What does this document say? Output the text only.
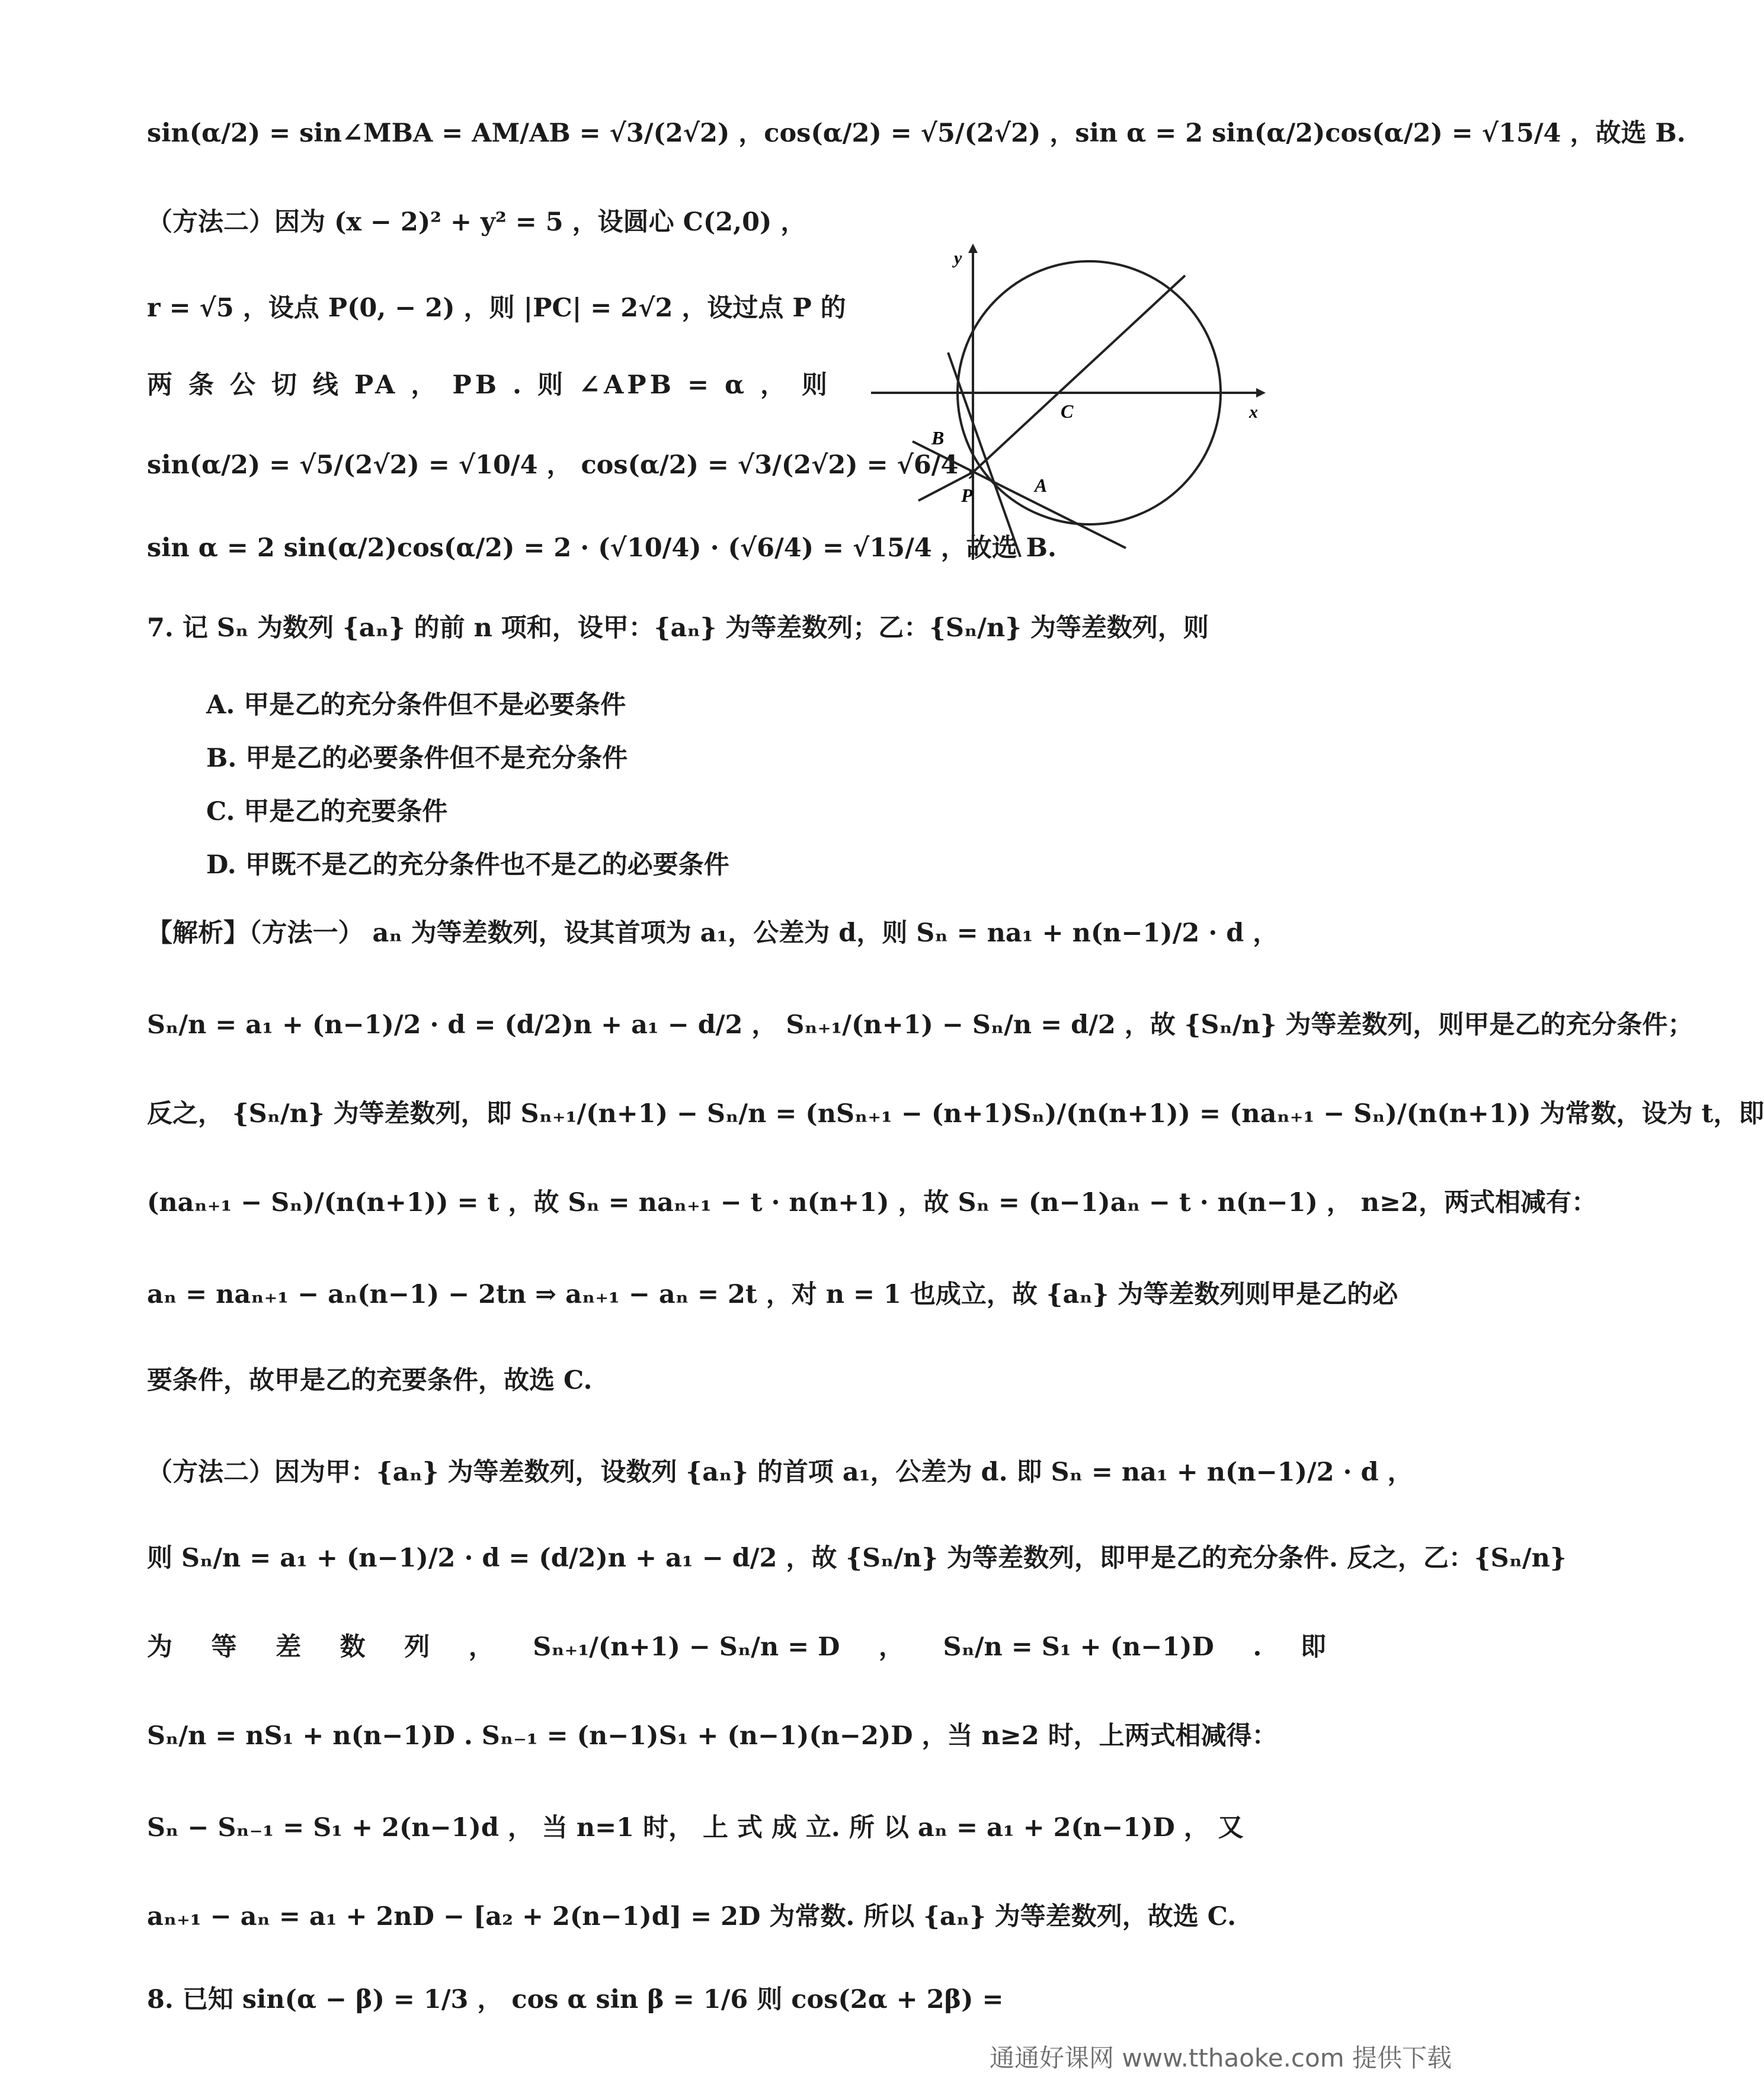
sin(α/2) = sin∠MBA = AM/AB = √3/(2√2) ，cos(α/2) = √5/(2√2) ，sin α = 2 sin(α/2)cos(α/2) = √15/4 ，故选 B.
（方法二）因为 (x − 2)² + y² = 5 ，设圆心 C(2,0) ，
r = √5 ，设点 P(0, − 2) ，则 |PC| = 2√2 ，设过点 P 的
两 条 公 切 线 PA ， PB . 则 ∠APB = α ， 则
sin(α/2) = √5/(2√2) = √10/4 ， cos(α/2) = √3/(2√2) = √6/4 ，
sin α = 2 sin(α/2)cos(α/2) = 2 · (√10/4) · (√6/4) = √15/4 ，故选 B.
y
x
C
B
A
P
7. 记 Sₙ 为数列 {aₙ} 的前 n 项和，设甲：{aₙ} 为等差数列；乙：{Sₙ/n} 为等差数列，则
A. 甲是乙的充分条件但不是必要条件
B. 甲是乙的必要条件但不是充分条件
C. 甲是乙的充要条件
D. 甲既不是乙的充分条件也不是乙的必要条件
【解析】（方法一） aₙ 为等差数列，设其首项为 a₁，公差为 d，则 Sₙ = na₁ + n(n−1)/2 · d ，
Sₙ/n = a₁ + (n−1)/2 · d = (d/2)n + a₁ − d/2 ， Sₙ₊₁/(n+1) − Sₙ/n = d/2 ，故 {Sₙ/n} 为等差数列，则甲是乙的充分条件；
反之， {Sₙ/n} 为等差数列，即 Sₙ₊₁/(n+1) − Sₙ/n = (nSₙ₊₁ − (n+1)Sₙ)/(n(n+1)) = (naₙ₊₁ − Sₙ)/(n(n+1)) 为常数，设为 t，即
(naₙ₊₁ − Sₙ)/(n(n+1)) = t ，故 Sₙ = naₙ₊₁ − t · n(n+1) ，故 Sₙ = (n−1)aₙ − t · n(n−1) ， n≥2，两式相减有：
aₙ = naₙ₊₁ − aₙ(n−1) − 2tn ⇒ aₙ₊₁ − aₙ = 2t ，对 n = 1 也成立，故 {aₙ} 为等差数列则甲是乙的必
要条件，故甲是乙的充要条件，故选 C.
（方法二）因为甲：{aₙ} 为等差数列，设数列 {aₙ} 的首项 a₁，公差为 d. 即 Sₙ = na₁ + n(n−1)/2 · d ，
则 Sₙ/n = a₁ + (n−1)/2 · d = (d/2)n + a₁ − d/2 ，故 {Sₙ/n} 为等差数列，即甲是乙的充分条件. 反之，乙：{Sₙ/n}
为 等 差 数 列 ， Sₙ₊₁/(n+1) − Sₙ/n = D ， Sₙ/n = S₁ + (n−1)D . 即
Sₙ/n = nS₁ + n(n−1)D . Sₙ₋₁ = (n−1)S₁ + (n−1)(n−2)D ，当 n≥2 时，上两式相减得：
Sₙ − Sₙ₋₁ = S₁ + 2(n−1)d ， 当 n=1 时， 上 式 成 立. 所 以 aₙ = a₁ + 2(n−1)D ， 又
aₙ₊₁ − aₙ = a₁ + 2nD − [a₂ + 2(n−1)d] = 2D 为常数. 所以 {aₙ} 为等差数列，故选 C.
8. 已知 sin(α − β) = 1/3 ， cos α sin β = 1/6 则 cos(2α + 2β) =
通通好课网 www.tthaoke.com 提供下载
